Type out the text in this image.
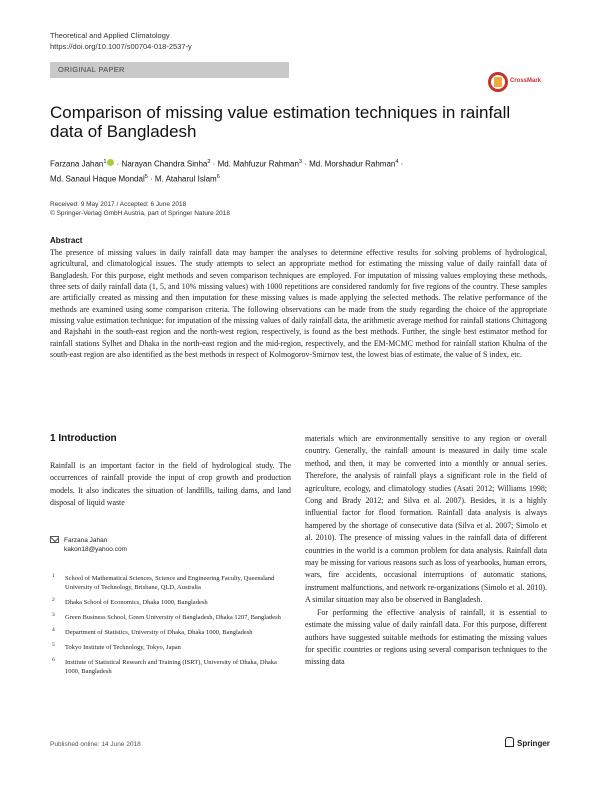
Theoretical and Applied Climatology
https://doi.org/10.1007/s00704-018-2537-y
ORIGINAL PAPER
CrossMark
Comparison of missing value estimation techniques in rainfall data of Bangladesh
Farzana Jahan$^1$ · Narayan Chandra Sinha$^2$ · Md. Mahfuzur Rahman$^3$ · Md. Morshadur Rahman$^4$ ·
Md. Sanaul Haque Mondal$^5$ · M. Ataharul Islam$^6$
Received: 9 May 2017 / Accepted: 6 June 2018
© Springer-Verlag GmbH Austria, part of Springer Nature 2018
Abstract

The presence of missing values in daily rainfall data may hamper the analyses to determine effective results for solving problems of hydrological, agricultural, and climatological issues. The study attempts to select an appropriate method for estimating the missing value of daily rainfall data of Bangladesh. For this purpose, eight methods and seven comparison techniques are employed. For imputation of missing values employing these methods, three sets of daily rainfall data (1, 5, and 10% missing values) with 1000 repetitions are considered randomly for five regions of the country. These samples are artificially created as missing and then imputation for these missing values is made applying the selected methods. The relative performance of the methods are examined using some comparison criteria. The following observations can be made from the study regarding the choice of the appropriate missing value estimation technique: for imputation of the missing values of daily rainfall data, the arithmetic average method for rainfall stations Chittagong and Rajshahi in the south-east region and the north-west region, respectively, is found as the best methods. Further, the single best estimator method for rainfall stations Sylhet and Dhaka in the north-east region and the mid-region, respectively, and the EM-MCMC method for rainfall station Khulna of the south-east region are also identified as the best methods in respect of Kolmogorov-Smirnov test, the lowest bias of estimate, the value of S index, etc.

1 Introduction

Rainfall is an important factor in the field of hydrological study. The occurrences of rainfall provide the input of crop growth and production models. It also indicates the situation of landfills, tailing dams, and land disposal of liquid waste

Farzana Jahan
kakon18@yahoo.com
1 School of Mathematical Sciences, Science and Engineering Faculty, Queensland University of Technology, Brisbane, QLD, Australia
2 Dhaka School of Economics, Dhaka 1000, Bangladesh
3 Green Business School, Green University of Bangladesh, Dhaka 1207, Bangladesh
4 Department of Statistics, University of Dhaka, Dhaka 1000, Bangladesh
5 Tokyo Institute of Technology, Tokyo, Japan
6 Institute of Statistical Research and Training (ISRT), University of Dhaka, Dhaka 1000, Bangladesh

materials which are environmentally sensitive to any region or overall country. Generally, the rainfall amount is measured in daily time scale method, and then, it may be converted into a monthly or annual series. Therefore, the analysis of rainfall plays a significant role in the field of agriculture, ecology, and climatology studies (Asati 2012; Williams 1998; Cong and Brady 2012; and Silva et al. 2007). Besides, it is a highly influential factor for flood formation. Rainfall data analysis is always hampered by the shortage of consecutive data (Silva et al. 2007; Simolo et al. 2010). The presence of missing values in the rainfall data of different countries in the world is a common problem for data analysis. Rainfall data may be missing for various reasons such as loss of yearbooks, human errors, wars, fire accidents, occasional interruptions of automatic stations, instrument malfunctions, and network re-organizations (Simolo et al. 2010). A similar situation may also be observed in Bangladesh.

For performing the effective analysis of rainfall, it is essential to estimate the missing value of daily rainfall data. For this purpose, different authors have suggested suitable methods for estimating the missing values for specific countries or regions using several comparison techniques to the missing data

Published online: 14 June 2018	Springer
